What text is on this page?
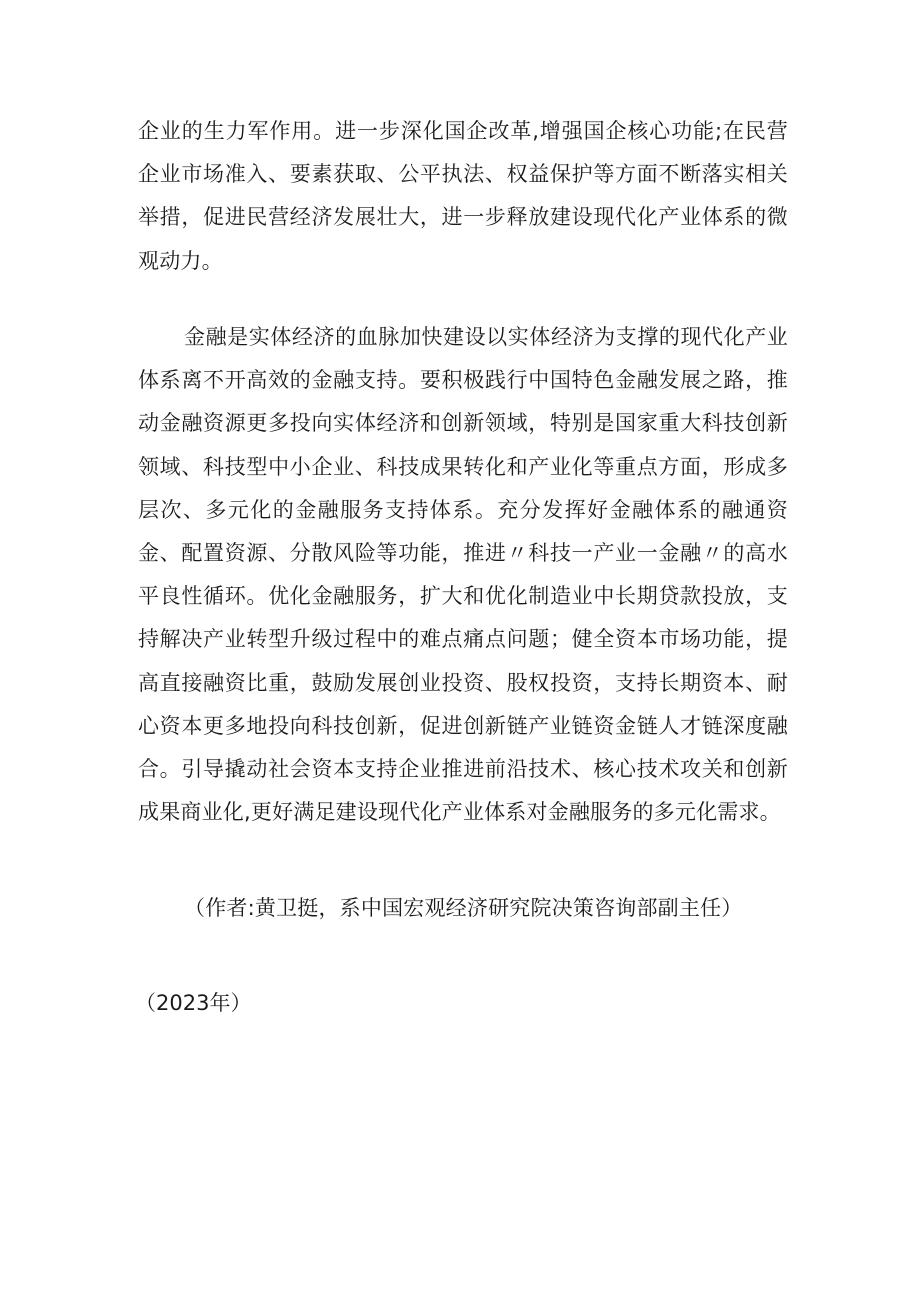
企业的生力军作用。进一步深化国企改革,增强国企核心功能;在民营企业市场准入、要素获取、公平执法、权益保护等方面不断落实相关举措，促进民营经济发展壮大，进一步释放建设现代化产业体系的微观动力。

金融是实体经济的血脉加快建设以实体经济为支撑的现代化产业体系离不开高效的金融支持。要积极践行中国特色金融发展之路，推动金融资源更多投向实体经济和创新领域，特别是国家重大科技创新领域、科技型中小企业、科技成果转化和产业化等重点方面，形成多层次、多元化的金融服务支持体系。充分发挥好金融体系的融通资金、配置资源、分散风险等功能，推进〃科技一产业一金融〃的高水平良性循环。优化金融服务，扩大和优化制造业中长期贷款投放，支持解决产业转型升级过程中的难点痛点问题；健全资本市场功能，提高直接融资比重，鼓励发展创业投资、股权投资，支持长期资本、耐心资本更多地投向科技创新，促进创新链产业链资金链人才链深度融合。引导撬动社会资本支持企业推进前沿技术、核心技术攻关和创新成果商业化,更好满足建设现代化产业体系对金融服务的多元化需求。

（作者:黄卫挺，系中国宏观经济研究院决策咨询部副主任）

（2023年）
